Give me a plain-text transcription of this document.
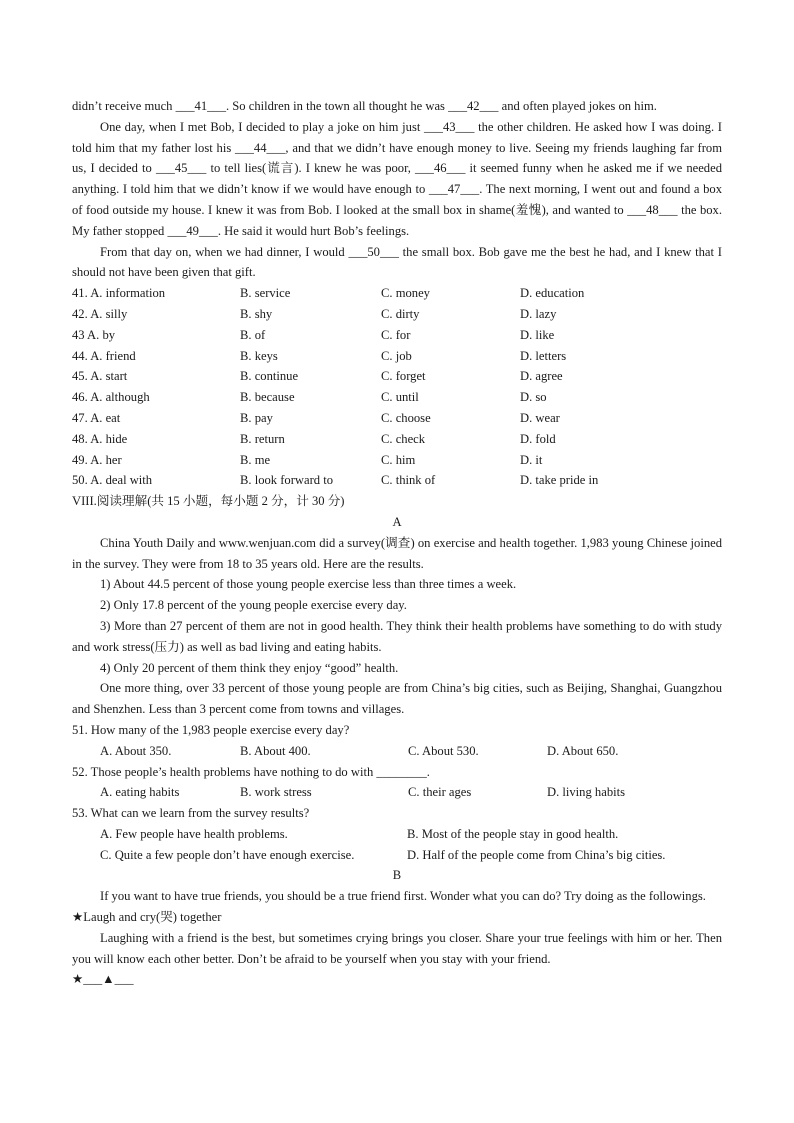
didn’t receive much ___41___. So children in the town all thought he was ___42___ and often played jokes on him.

One day, when I met Bob, I decided to play a joke on him just ___43___ the other children. He asked how I was doing. I told him that my father lost his ___44___, and that we didn’t have enough money to live. Seeing my friends laughing far from us, I decided to ___45___ to tell lies(谎言). I knew he was poor, ___46___ it seemed funny when he asked me if we needed anything. I told him that we didn’t know if we would have enough to ___47___. The next morning, I went out and found a box of food outside my house. I knew it was from Bob. I looked at the small box in shame(羞愧), and wanted to ___48___ the box. My father stopped ___49___. He said it would hurt Bob’s feelings.

From that day on, when we had dinner, I would ___50___ the small box. Bob gave me the best he had, and I knew that I should not have been given that gift.

41. A. information	B. service	C. money	D. education
42. A. silly	B. shy	C. dirty	D. lazy
43 A. by	B. of	C. for	D. like
44. A. friend	B. keys	C. job	D. letters
45. A. start	B. continue	C. forget	D. agree
46. A. although	B. because	C. until	D. so
47. A. eat	B. pay	C. choose	D. wear
48. A. hide	B. return	C. check	D. fold
49. A. her	B. me	C. him	D. it
50. A. deal with	B. look forward to	C. think of	D. take pride in

VIII.阅读理解(共 15 小题，每小题 2 分，计 30 分)

A

China Youth Daily and www.wenjuan.com did a survey(调查) on exercise and health together. 1,983 young Chinese joined in the survey. They were from 18 to 35 years old. Here are the results.

1) About 44.5 percent of those young people exercise less than three times a week.

2) Only 17.8 percent of the young people exercise every day.

3) More than 27 percent of them are not in good health. They think their health problems have something to do with study and work stress(压力) as well as bad living and eating habits.

4) Only 20 percent of them think they enjoy “good” health.

One more thing, over 33 percent of those young people are from China’s big cities, such as Beijing, Shanghai, Guangzhou and Shenzhen. Less than 3 percent come from towns and villages.

51. How many of the 1,983 people exercise every day?

A. About 350.	B. About 400.	C. About 530.	D. About 650.

52. Those people’s health problems have nothing to do with ________.

A. eating habits	B. work stress	C. their ages	D. living habits

53. What can we learn from the survey results?

A. Few people have health problems.	B. Most of the people stay in good health.
C. Quite a few people don’t have enough exercise.	D. Half of the people come from China’s big cities.

B

If you want to have true friends, you should be a true friend first. Wonder what you can do? Try doing as the followings.

★Laugh and cry(哭) together

Laughing with a friend is the best, but sometimes crying brings you closer. Share your true feelings with him or her. Then you will know each other better. Don’t be afraid to be yourself when you stay with your friend.

★___▲___
